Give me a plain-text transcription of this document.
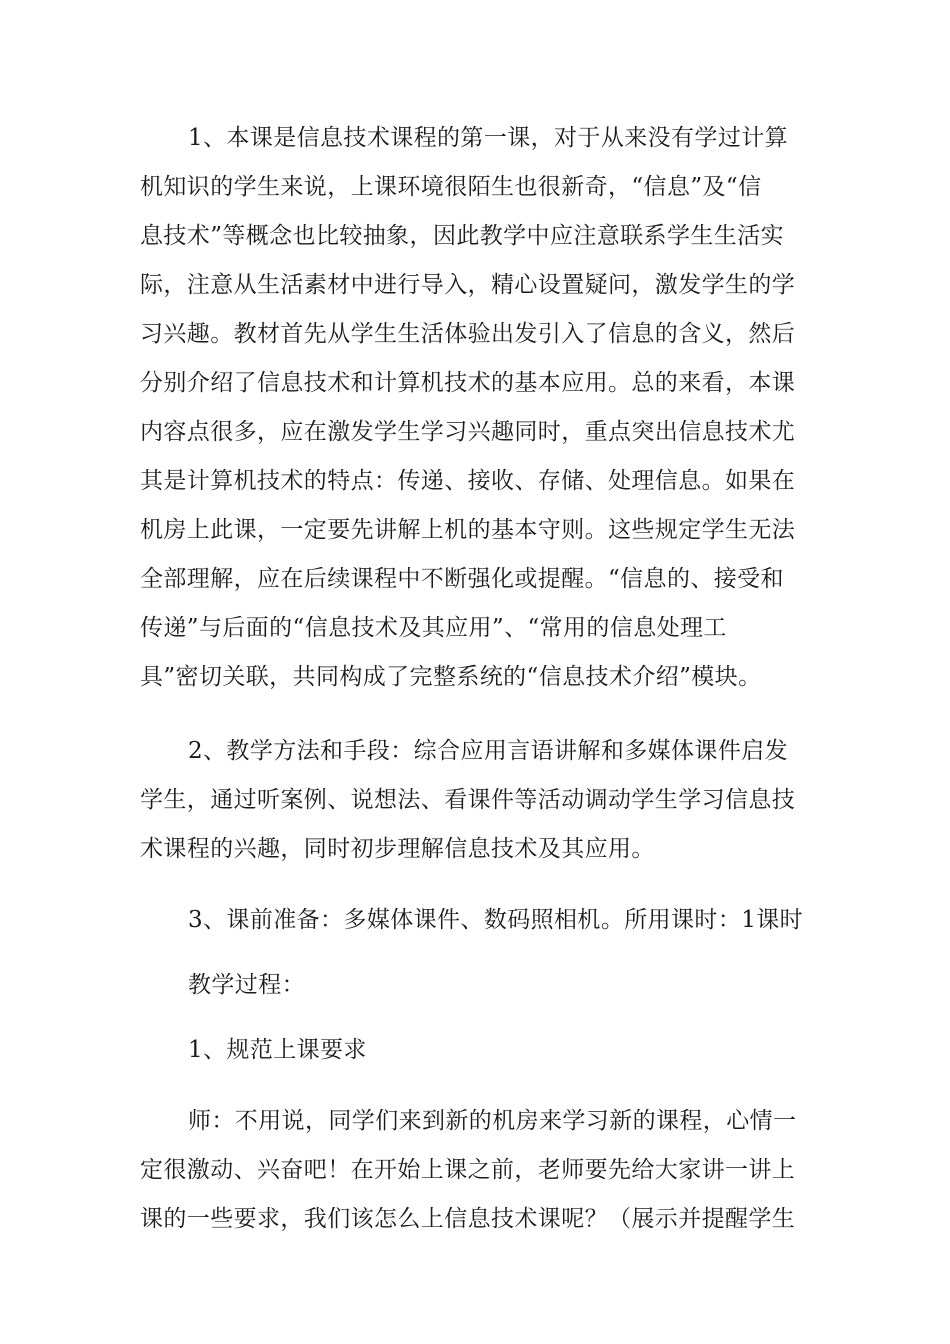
1、本课是信息技术课程的第一课，对于从来没有学过计算
机知识的学生来说，上课环境很陌生也很新奇，“信息”及“信
息技术”等概念也比较抽象，因此教学中应注意联系学生生活实
际，注意从生活素材中进行导入，精心设置疑问，激发学生的学
习兴趣。教材首先从学生生活体验出发引入了信息的含义，然后
分别介绍了信息技术和计算机技术的基本应用。总的来看，本课
内容点很多，应在激发学生学习兴趣同时，重点突出信息技术尤
其是计算机技术的特点：传递、接收、存储、处理信息。如果在
机房上此课，一定要先讲解上机的基本守则。这些规定学生无法
全部理解，应在后续课程中不断强化或提醒。“信息的、接受和
传递”与后面的“信息技术及其应用”、“常用的信息处理工
具”密切关联，共同构成了完整系统的“信息技术介绍”模块。
2、教学方法和手段：综合应用言语讲解和多媒体课件启发
学生，通过听案例、说想法、看课件等活动调动学生学习信息技
术课程的兴趣，同时初步理解信息技术及其应用。
3、课前准备：多媒体课件、数码照相机。所用课时：1课时
教学过程：
1、规范上课要求
师：不用说，同学们来到新的机房来学习新的课程，心情一
定很激动、兴奋吧！在开始上课之前，老师要先给大家讲一讲上
课的一些要求，我们该怎么上信息技术课呢？（展示并提醒学生
